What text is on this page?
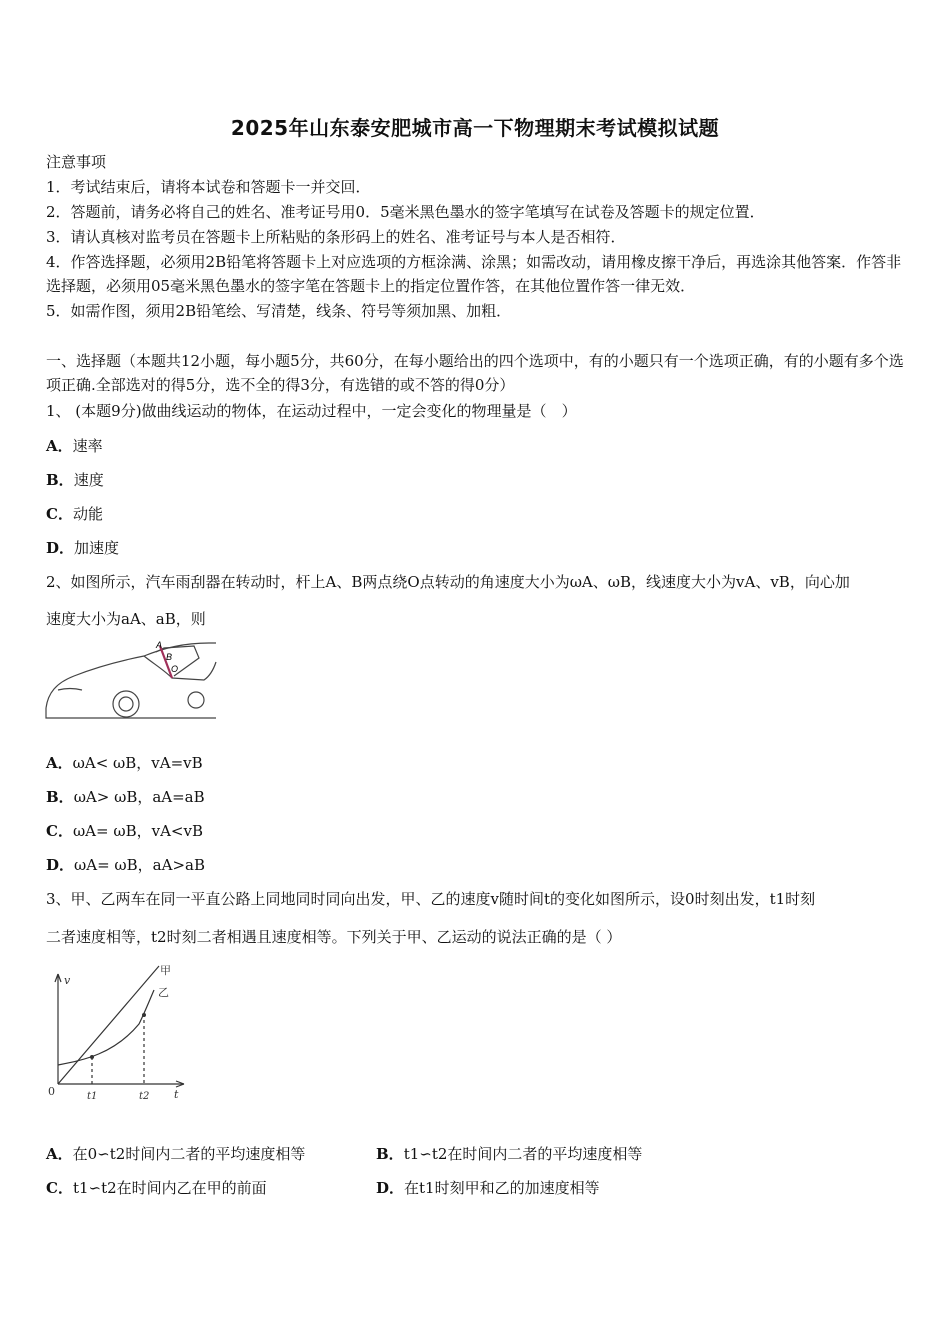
2025年山东泰安肥城市高一下物理期末考试模拟试题
注意事项
1．考试结束后，请将本试卷和答题卡一并交回．
2．答题前，请务必将自己的姓名、准考证号用0．5毫米黑色墨水的签字笔填写在试卷及答题卡的规定位置．
3．请认真核对监考员在答题卡上所粘贴的条形码上的姓名、准考证号与本人是否相符．
4．作答选择题，必须用2B铅笔将答题卡上对应选项的方框涂满、涂黑；如需改动，请用橡皮擦干净后，再选涂其他答案．作答非选择题，必须用05毫米黑色墨水的签字笔在答题卡上的指定位置作答，在其他位置作答一律无效．
5．如需作图，须用2B铅笔绘、写清楚，线条、符号等须加黑、加粗．
一、选择题（本题共12小题，每小题5分，共60分，在每小题给出的四个选项中，有的小题只有一个选项正确，有的小题有多个选项正确.全部选对的得5分，选不全的得3分，有选错的或不答的得0分）
1、 (本题9分)做曲线运动的物体，在运动过程中，一定会变化的物理量是（　）
A．速率
B．速度
C．动能
D．加速度
2、如图所示，汽车雨刮器在转动时，杆上A、B两点绕O点转动的角速度大小为ωA、ωB，线速度大小为vA、vB，向心加
速度大小为aA、aB，则
A
B
O
A．ωA< ωB，vA=vB
B．ωA> ωB，aA=aB
C．ωA= ωB，vA<vB
D．ωA= ωB，aA>aB
3、甲、乙两车在同一平直公路上同地同时同向出发，甲、乙的速度v随时间t的变化如图所示，设0时刻出发，t1时刻
二者速度相等，t2时刻二者相遇且速度相等。下列关于甲、乙运动的说法正确的是（ ）
v
t
0	t1	t2
甲
乙
A．在0∽t2时间内二者的平均速度相等	B．t1∽t2在时间内二者的平均速度相等
C．t1∽t2在时间内乙在甲的前面	D．在t1时刻甲和乙的加速度相等
